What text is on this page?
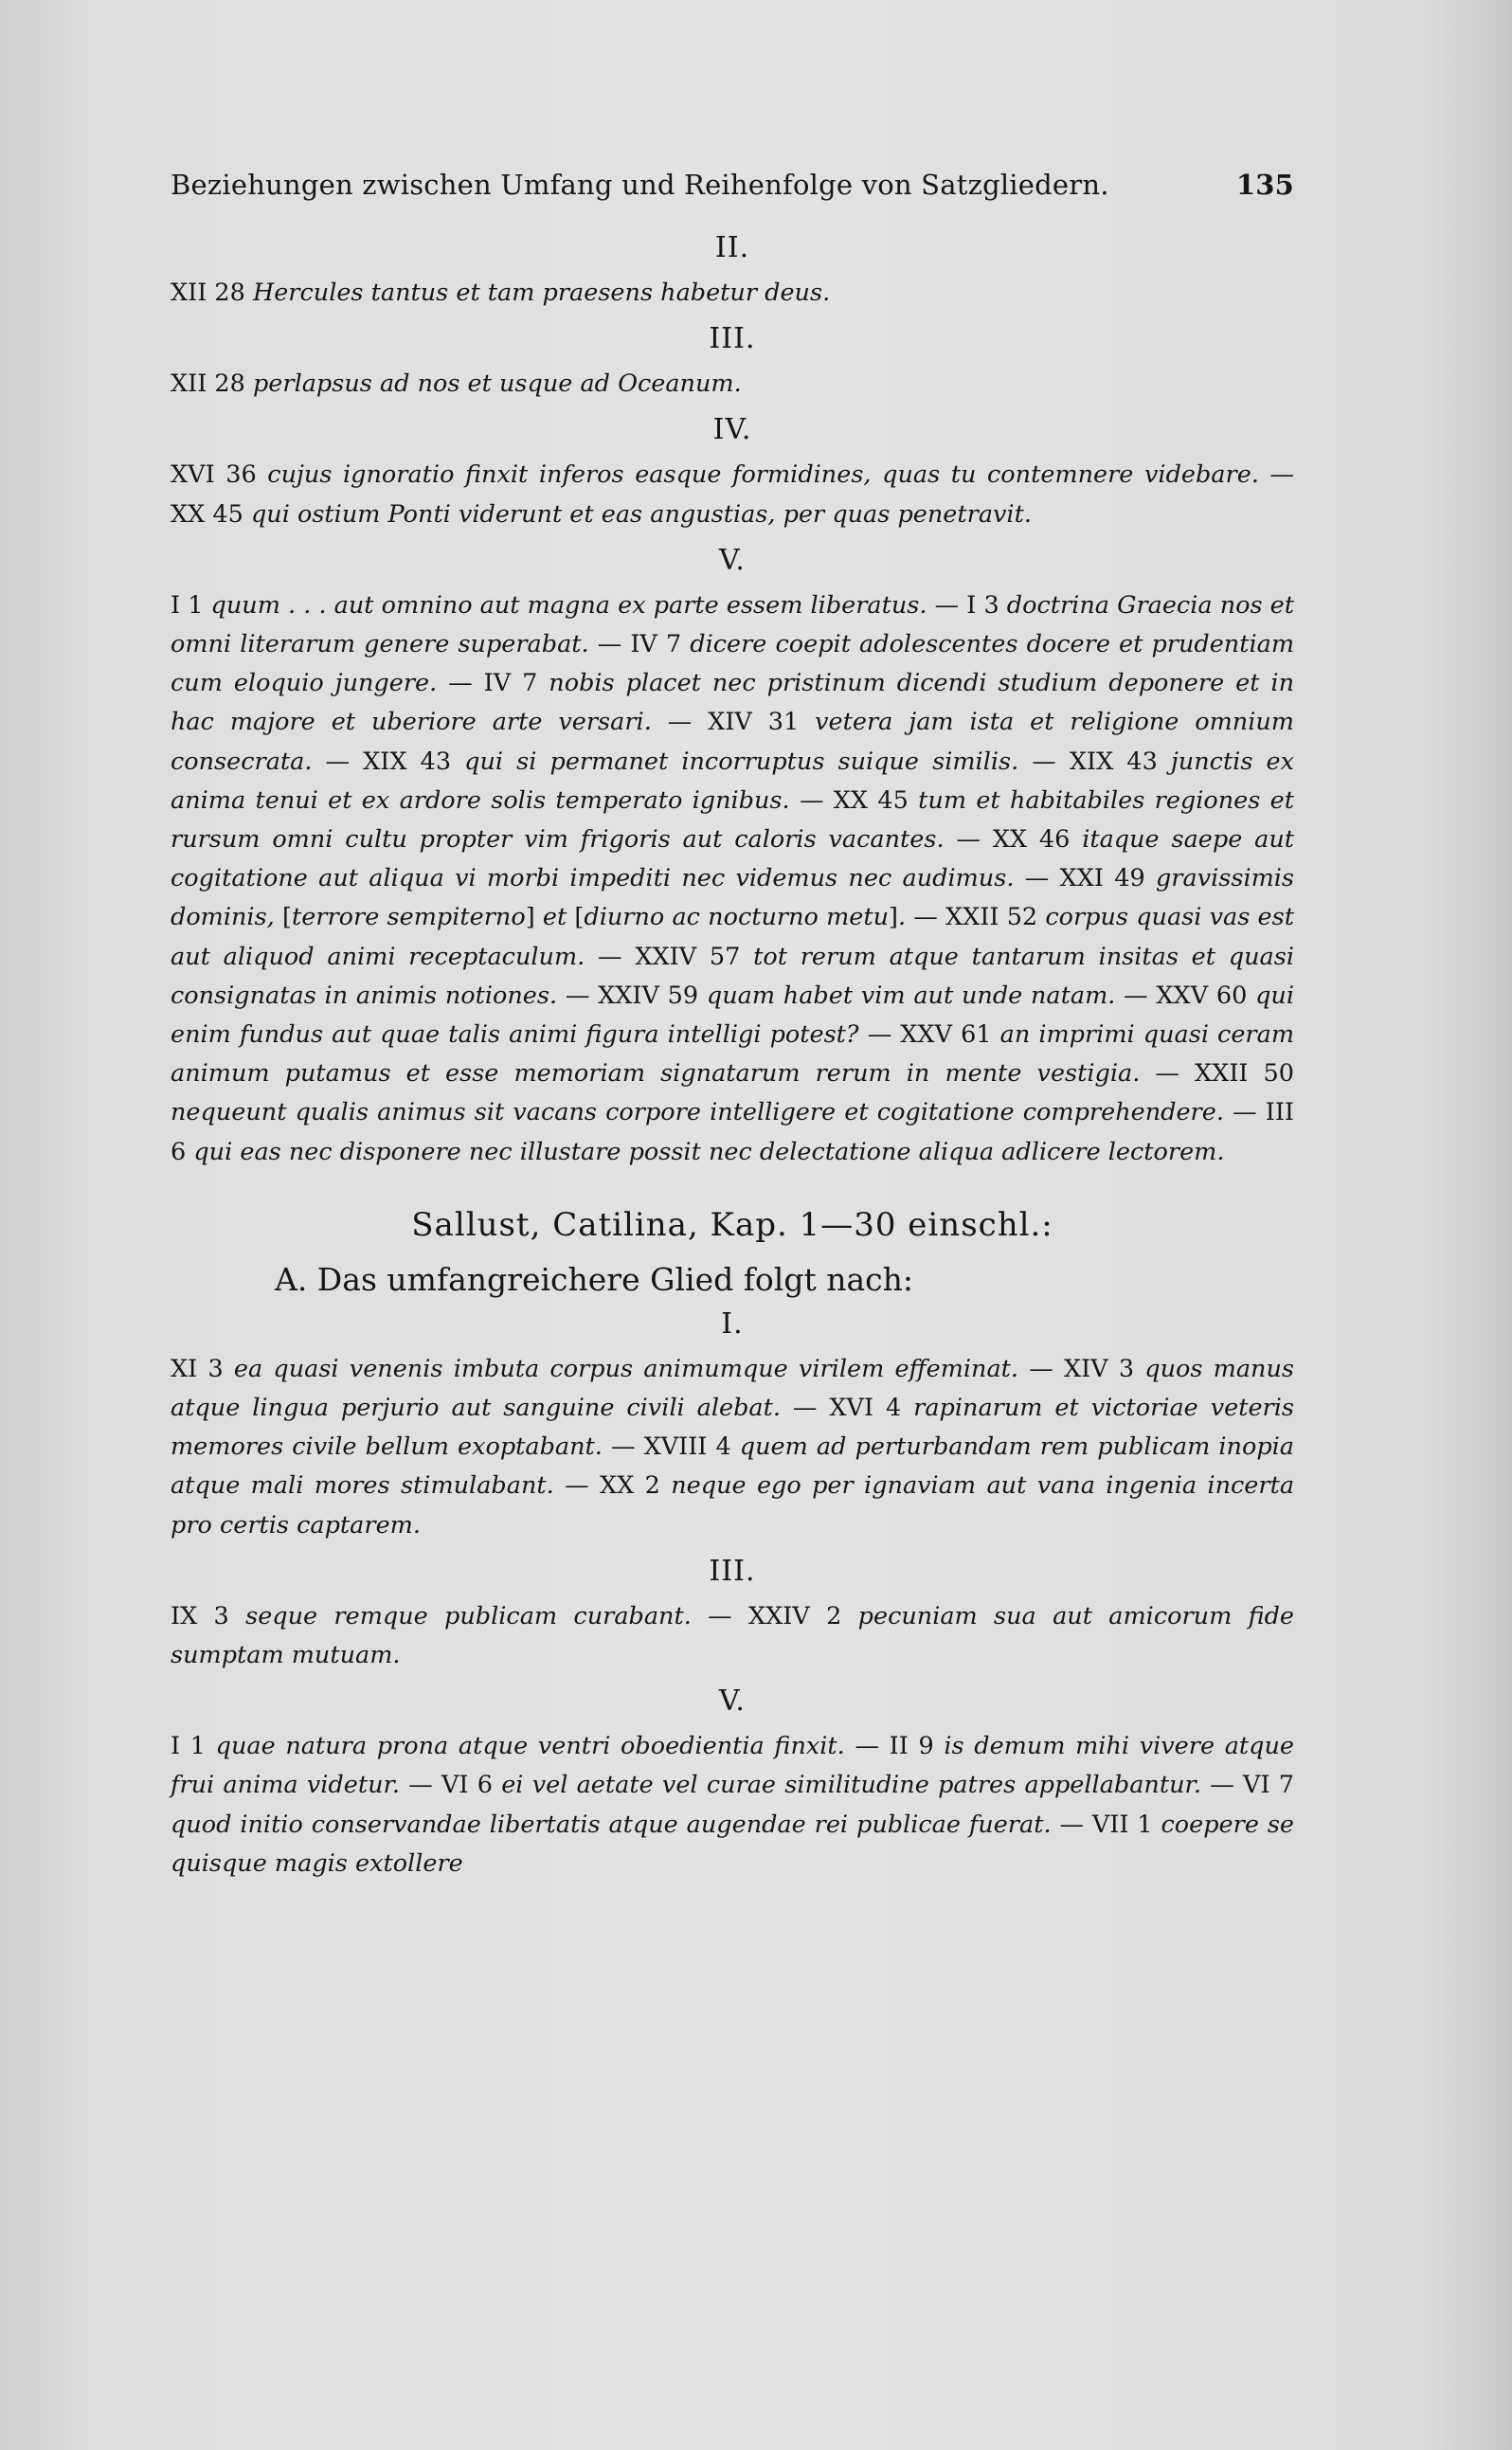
Beziehungen zwischen Umfang und Reihenfolge von Satzgliedern.	135
II.
XII 28 Hercules tantus et tam praesens habetur deus.
III.
XII 28 perlapsus ad nos et usque ad Oceanum.
IV.
XVI 36 cujus ignoratio finxit inferos easque formidines, quas tu contemnere videbare. — XX 45 qui ostium Ponti viderunt et eas angustias, per quas penetravit.
V.
I 1 quum . . . aut omnino aut magna ex parte essem liberatus. — I 3 doctrina Graecia nos et omni literarum genere superabat. — IV 7 dicere coepit adolescentes docere et prudentiam cum eloquio jungere. — IV 7 nobis placet nec pristinum dicendi studium deponere et in hac majore et uberiore arte versari. — XIV 31 vetera jam ista et religione omnium consecrata. — XIX 43 qui si permanet incorruptus suique similis. — XIX 43 junctis ex anima tenui et ex ardore solis temperato ignibus. — XX 45 tum et habitabiles regiones et rursum omni cultu propter vim frigoris aut caloris vacantes. — XX 46 itaque saepe aut cogitatione aut aliqua vi morbi impediti nec videmus nec audimus. — XXI 49 gravissimis dominis, [terrore sempiterno] et [diurno ac nocturno metu]. — XXII 52 corpus quasi vas est aut aliquod animi receptaculum. — XXIV 57 tot rerum atque tantarum insitas et quasi consignatas in animis notiones. — XXIV 59 quam habet vim aut unde natam. — XXV 60 qui enim fundus aut quae talis animi figura intelligi potest? — XXV 61 an imprimi quasi ceram animum putamus et esse memoriam signatarum rerum in mente vestigia. — XXII 50 nequeunt qualis animus sit vacans corpore intelligere et cogitatione comprehendere. — III 6 qui eas nec disponere nec illustare possit nec delectatione aliqua adlicere lectorem.
Sallust, Catilina, Kap. 1—30 einschl.:
A. Das umfangreichere Glied folgt nach:
I.
XI 3 ea quasi venenis imbuta corpus animumque virilem effeminat. — XIV 3 quos manus atque lingua perjurio aut sanguine civili alebat. — XVI 4 rapinarum et victoriae veteris memores civile bellum exoptabant. — XVIII 4 quem ad perturbandam rem publicam inopia atque mali mores stimulabant. — XX 2 neque ego per ignaviam aut vana ingenia incerta pro certis captarem.
III.
IX 3 seque remque publicam curabant. — XXIV 2 pecuniam sua aut amicorum fide sumptam mutuam.
V.
I 1 quae natura prona atque ventri oboedientia finxit. — II 9 is demum mihi vivere atque frui anima videtur. — VI 6 ei vel aetate vel curae similitudine patres appellabantur. — VI 7 quod initio conservandae libertatis atque augendae rei publicae fuerat. — VII 1 coepere se quisque magis extollere
